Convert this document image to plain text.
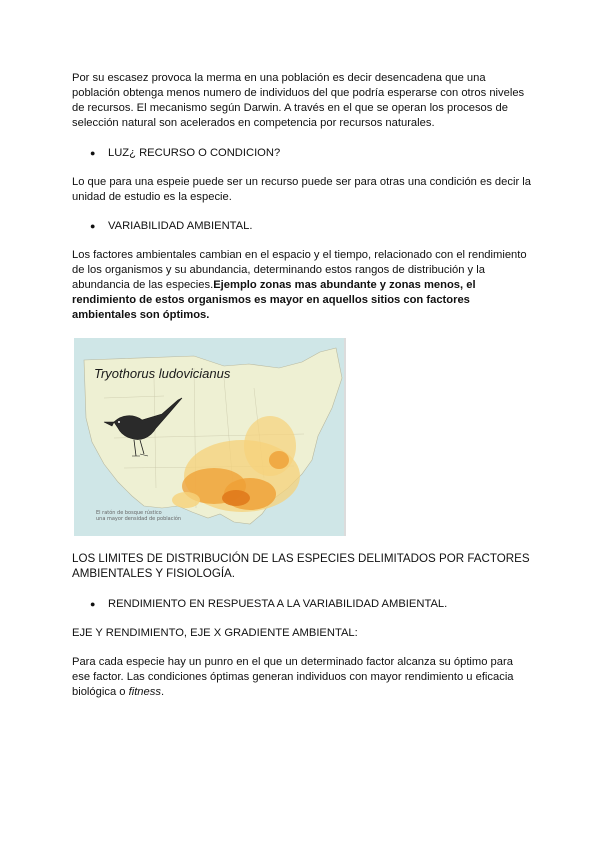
Por su escasez provoca la merma en una población es decir desencadena que una población obtenga menos numero de individuos del que podría esperarse con otros niveles de recursos. El mecanismo según Darwin. A través en el que se operan los procesos de selección natural son acelerados en competencia por recursos naturales.

● LUZ¿ RECURSO O CONDICION?

Lo que para una espeie puede ser un recurso puede ser para otras una condición es decir la unidad de estudio es la especie.

● VARIABILIDAD AMBIENTAL.

Los factores ambientales cambian en el espacio y el tiempo, relacionado con el rendimiento de los organismos y su abundancia, determinando estos rangos de distribución y la abundancia de las especies.Ejemplo zonas mas abundante y zonas menos, el rendimiento de estos organismos es mayor en aquellos sitios con factores ambientales son óptimos.

Tryothorus ludovicianus
El ratón de bosque rústico
una mayor densidad de población

LOS LIMITES DE DISTRIBUCIÓN DE LAS ESPECIES DELIMITADOS POR FACTORES AMBIENTALES Y FISIOLOGÍA.

● RENDIMIENTO EN RESPUESTA A LA VARIABILIDAD AMBIENTAL.

EJE Y RENDIMIENTO, EJE X GRADIENTE AMBIENTAL:

Para cada especie hay un punro en el que un determinado factor alcanza su óptimo para ese factor. Las condiciones óptimas generan individuos con mayor rendimiento u eficacia biológica o fitness.
